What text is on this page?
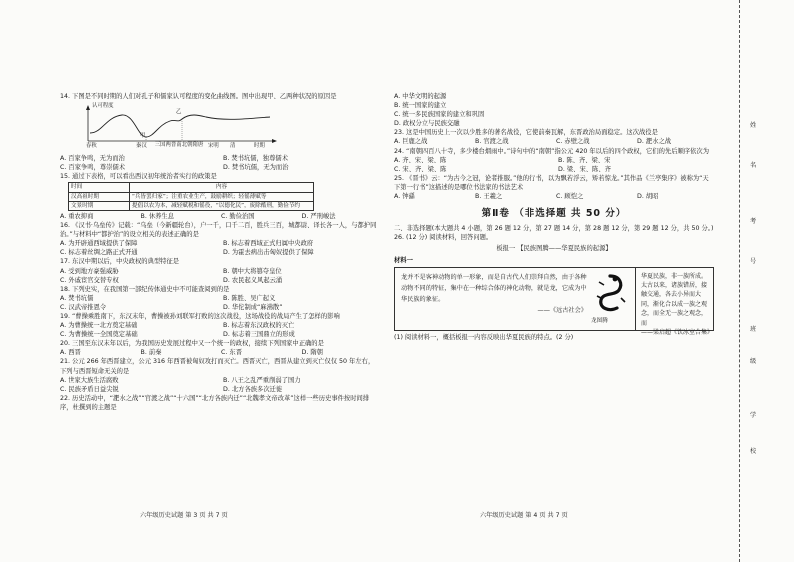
14. 下图是不同时期的人们对孔子和儒家认可程度的变化曲线图。图中出现甲、乙两种状况的原因是

认可程度
乙
甲
春秋	秦汉 三国两晋南北朝隋唐 宋明 清	时期
A. 百家争鸣，无为而治	B. 焚书坑儒，独尊儒术
C. 百家争鸣，尊崇儒术	D. 焚书坑儒，无为而治

15. 通过下表格，可以看出西汉初年统治者实行的政策是

时间	内容
汉高祖时期	“兵皆罢归家”；注重农业生产，鼓励耕织；轻徭薄赋等
文景时期	提倡以农为本，减轻赋税和徭役，“以德化民”，废除酷刑，勤俭节约
A. 重农抑商	B. 休养生息	C. 勤俭治国	D. 严刑峻法

16. 《汉书·乌垒传》记载：“乌垒（今新疆轮台），户一千，口千二百，胜兵三百，城都尉、译长各一人，与都护同治。”与材料中“都护治”的设立相关的表述正确的是

A. 为开辟通西域提供了保障	B. 标志着西域正式归属中央政府
C. 标志着丝绸之路正式开通	D. 为霍去病出击匈奴提供了保障

17. 东汉中期以后，中央政权的典型特征是

A. 受到地方豪强威胁	B. 朝中大将篡夺皇位
C. 外戚宦官交替专权	D. 农民起义风起云涌

18. 下列史实，在我国第一部纪传体通史中不可能查阅到的是

A. 焚书坑儒	B. 陈胜、吴广起义
C. 汉武帝推恩令	D. 华佗制成“麻沸散”

19. “曹操乘胜南下，东汉末年，曹操被孙刘联军打败的这次战役，这场战役的战局产生了怎样的影响

A. 为曹操统一北方奠定基础	B. 标志着东汉政权的灭亡
C. 为曹操统一全国奠定基础	D. 标志着三国鼎立的形成

20. 三国至东汉末年以后，为我国历史发展过程中又一个统一的政权，接续下列国家中正确的是

A. 西晋	B. 前秦	C. 东晋	D. 隋朝

21. 公元 266 年西晋建立，公元 316 年西晋被匈奴攻打而灭亡。西晋灭亡，西晋从建立到灭亡仅仅 50 年左右，下列与西晋短命无关的是

A. 世家大族生活腐败	B. 八王之乱严重削弱了国力
C. 民族矛盾日益尖锐	D. 北方各族多次迁徙

22. 历史活动中，“淝水之战”“官渡之战”“十六国”“北方各族内迁”“北魏孝文帝改革”这样一些历史事件按时间排序，杜撰到的主题是

六年级历史试题 第 3 页 共 7 页
A. 中华文明的起源
B. 统一国家的建立
C. 统一多民族国家的建立和巩固
D. 政权分立与民族交融

23. 这是中国历史上一次以少胜多的著名战役，它使前秦瓦解，东晋政治局面稳定。这次战役是

A. 巨鹿之战	B. 官渡之战	C. 赤壁之战	D. 淝水之战

24. “南朝四百八十寺，多少楼台烟雨中。”诗句中的“南朝”指公元 420 年以后的四个政权，它们的先后顺序依次为

A. 齐、宋、梁、陈	B. 陈、齐、梁、宋
C. 宋、齐、梁、陈	D. 梁、宋、陈、齐

25. 《晋书》云：“为古今之冠，论者推服。”他的行书，以为飘若浮云，矫若惊龙。”其作品《兰亭集序》被称为“天下第一行书”这描述的是哪位书法家的书法艺术

A. 钟繇	B. 王羲之	C. 顾恺之	D. 胡昭
第Ⅱ卷 （非选择题 共 50 分）

二、非选择题(本大题共 4 小题，第 26 题 12 分，第 27 题 14 分，第 28 题 12 分，第 29 题 12 分，共 50 分。)

26. (12 分) 阅读材料，回答问题。

板报一 【民族图腾——华夏民族的起源】
材料一
龙并不是客神动物的单一形象，而是自古代人们崇拜自然，由于各种动物不同的特征，集中在一种综合体的神化动物，就是龙，它成为中华民族的象征。
——《远古社会》
龙图腾
华夏民族，非一族所成。太古以来，诸族错居，接触交通，各去小异而大同，渐化合以成一族之观念，而全无一族之观念，而
——梁启超《饮冰室合集》

(1) 阅读材料一，概括板报一内容反映出华夏民族的特点。(2 分)

六年级历史试题 第 4 页 共 7 页
姓
名
考
号
班
级
学
校
